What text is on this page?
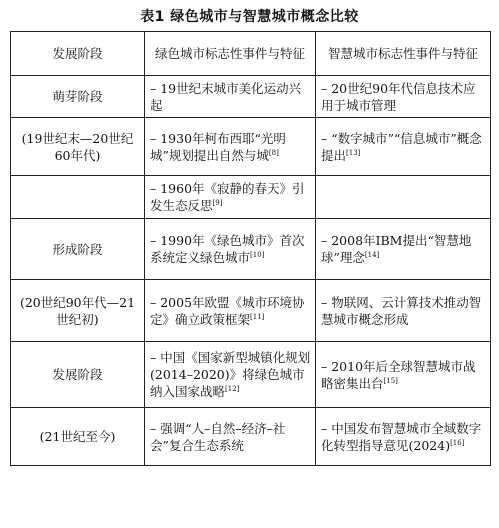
表1 绿色城市与智慧城市概念比较
发展阶段	绿色城市标志性事件与特征	智慧城市标志性事件与特征
萌芽阶段	– 19世纪末城市美化运动兴起	– 20世纪90年代信息技术应用于城市管理
(19世纪末—20世纪60年代)	– 1930年柯布西耶“光明城”规划提出自然与城[8]	– “数字城市”“信息城市”概念提出[13]
	– 1960年《寂静的春天》引发生态反思[9]	
形成阶段	– 1990年《绿色城市》首次系统定义绿色城市[10]	– 2008年IBM提出“智慧地球”理念[14]
(20世纪90年代—21世纪初)	– 2005年欧盟《城市环境协定》确立政策框架[11]	– 物联网、云计算技术推动智慧城市概念形成
发展阶段	– 中国《国家新型城镇化规划(2014–2020)》将绿色城市纳入国家战略[12]	– 2010年后全球智慧城市战略密集出台[15]
(21世纪至今)	– 强调“人–自然–经济–社会”复合生态系统	– 中国发布智慧城市全域数字化转型指导意见(2024)[16]
